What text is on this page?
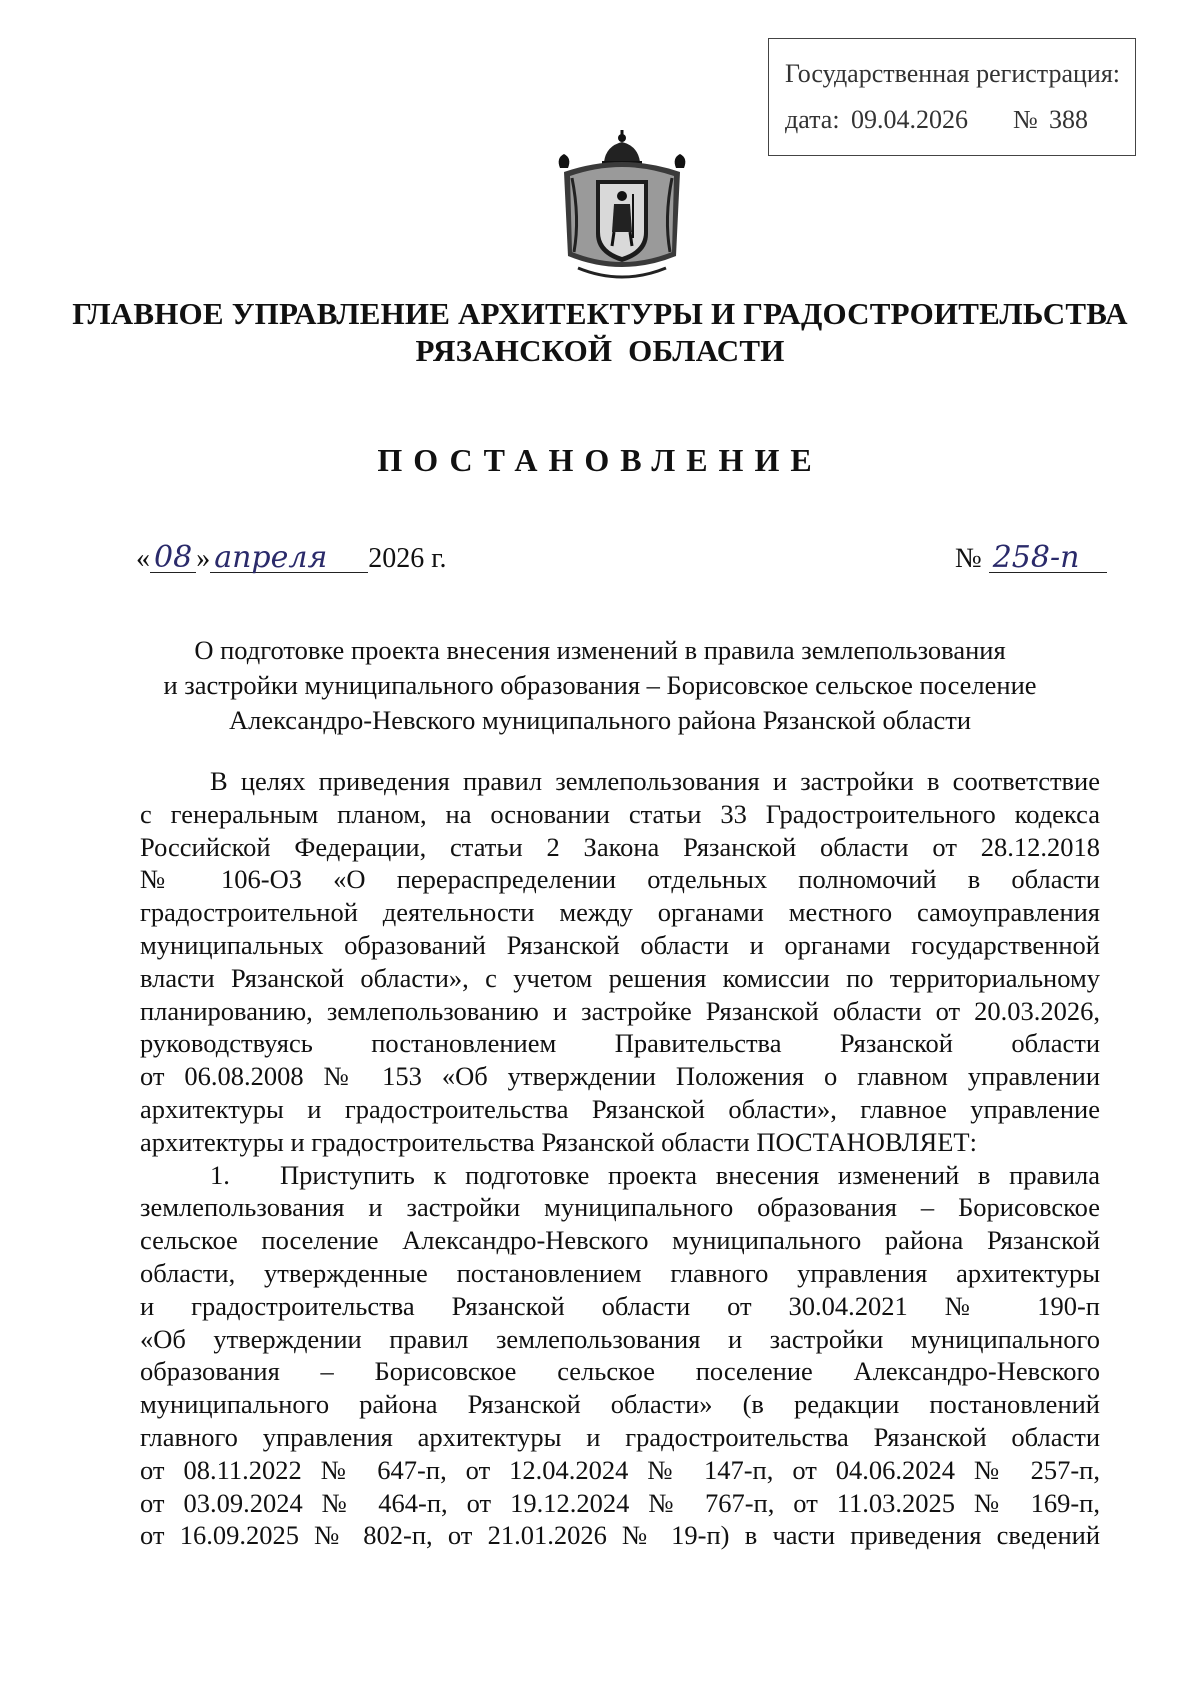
Государственная регистрация:
дата: 09.04.2026 № 388
ГЛАВНОЕ УПРАВЛЕНИЕ АРХИТЕКТУРЫ И ГРАДОСТРОИТЕЛЬСТВА
РЯЗАНСКОЙ ОБЛАСТИ
ПОСТАНОВЛЕНИЕ
« 08 » апреля 2026 г.	№ 258-п
О подготовке проекта внесения изменений в правила землепользования
и застройки муниципального образования – Борисовское сельское поселение
Александро-Невского муниципального района Рязанской области
В целях приведения правил землепользования и застройки в соответствие
с генеральным планом, на основании статьи 33 Градостроительного кодекса
Российской Федерации, статьи 2 Закона Рязанской области от 28.12.2018
№ 106-ОЗ «О перераспределении отдельных полномочий в области
градостроительной деятельности между органами местного самоуправления
муниципальных образований Рязанской области и органами государственной
власти Рязанской области», с учетом решения комиссии по территориальному
планированию, землепользованию и застройке Рязанской области от 20.03.2026,
руководствуясь постановлением Правительства Рязанской области
от 06.08.2008 № 153 «Об утверждении Положения о главном управлении
архитектуры и градостроительства Рязанской области», главное управление
архитектуры и градостроительства Рязанской области ПОСТАНОВЛЯЕТ:
1. Приступить к подготовке проекта внесения изменений в правила
землепользования и застройки муниципального образования – Борисовское
сельское поселение Александро-Невского муниципального района Рязанской
области, утвержденные постановлением главного управления архитектуры
и градостроительства Рязанской области от 30.04.2021 № 190-п
«Об утверждении правил землепользования и застройки муниципального
образования – Борисовское сельское поселение Александро-Невского
муниципального района Рязанской области» (в редакции постановлений
главного управления архитектуры и градостроительства Рязанской области
от 08.11.2022 № 647-п, от 12.04.2024 № 147-п, от 04.06.2024 № 257-п,
от 03.09.2024 № 464-п, от 19.12.2024 № 767-п, от 11.03.2025 № 169-п,
от 16.09.2025 № 802-п, от 21.01.2026 № 19-п) в части приведения сведений
